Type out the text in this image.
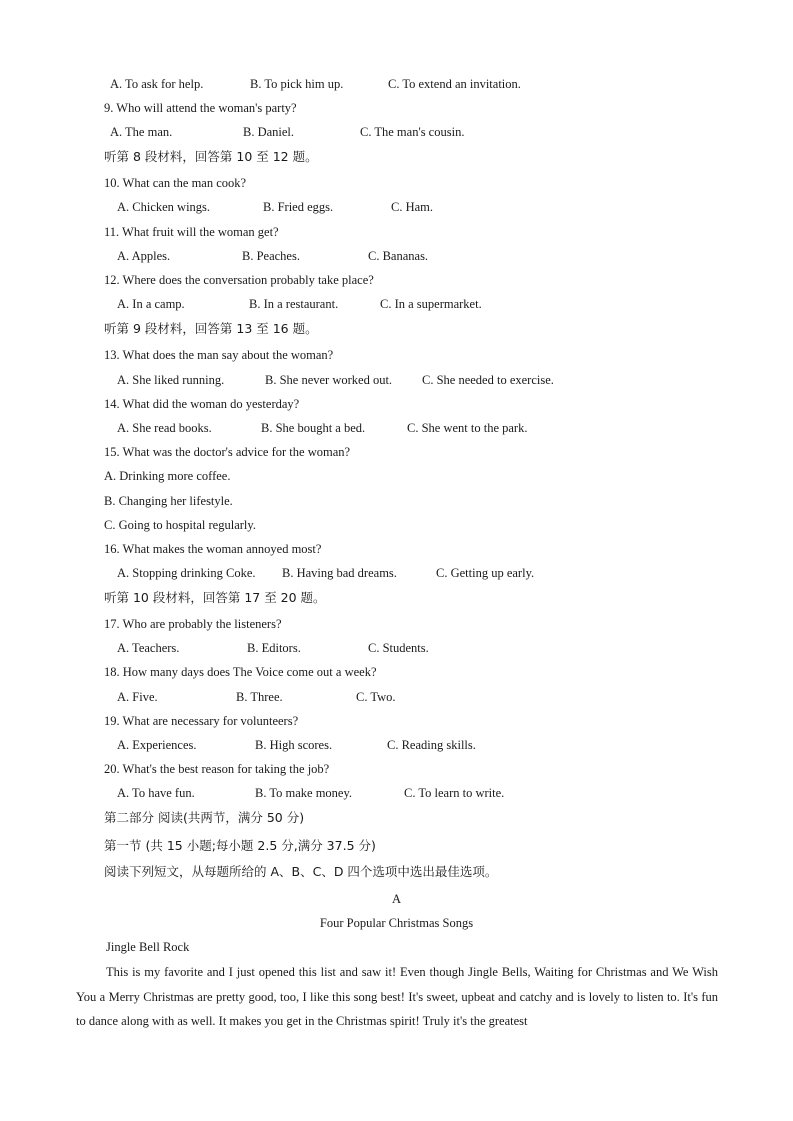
A. To ask for help.	B. To pick him up.	C. To extend an invitation.
9. Who will attend the woman's party?
A. The man.	B. Daniel.	C. The man's cousin.
听第 8 段材料，回答第 10 至 12 题。
10. What can the man cook?
A. Chicken wings.	B. Fried eggs.	C. Ham.
11. What fruit will the woman get?
A. Apples.	B. Peaches.	C. Bananas.
12. Where does the conversation probably take place?
A. In a camp.	B. In a restaurant.	C. In a supermarket.
听第 9 段材料，回答第 13 至 16 题。
13. What does the man say about the woman?
A. She liked running.	B. She never worked out. C. She needed to exercise.
14. What did the woman do yesterday?
A. She read books.	B. She bought a bed.	C. She went to the park.
15. What was the doctor's advice for the woman?
A. Drinking more coffee.
B. Changing her lifestyle.
C. Going to hospital regularly.
16. What makes the woman annoyed most?
A. Stopping drinking Coke. B. Having bad dreams.	C. Getting up early.
听第 10 段材料，回答第 17 至 20 题。
17. Who are probably the listeners?
A. Teachers.	B. Editors.	C. Students.
18. How many days does The Voice come out a week?
A. Five.	B. Three.	C. Two.
19. What are necessary for volunteers?
A. Experiences.	B. High scores.	C. Reading skills.
20. What's the best reason for taking the job?
A. To have fun.	B. To make money.	C. To learn to write.
第二部分 阅读(共两节，满分 50 分)
第一节 (共 15 小题;每小题 2.5 分,满分 37.5 分)
阅读下列短文，从每题所给的 A、B、C、D 四个选项中选出最佳选项。
A
Four Popular Christmas Songs
Jingle Bell Rock
This is my favorite and I just opened this list and saw it! Even though Jingle Bells, Waiting for Christmas and We Wish You a Merry Christmas are pretty good, too, I like this song best! It's sweet, upbeat and catchy and is lovely to listen to. It's fun to dance along with as well. It makes you get in the Christmas spirit! Truly it's the greatest
